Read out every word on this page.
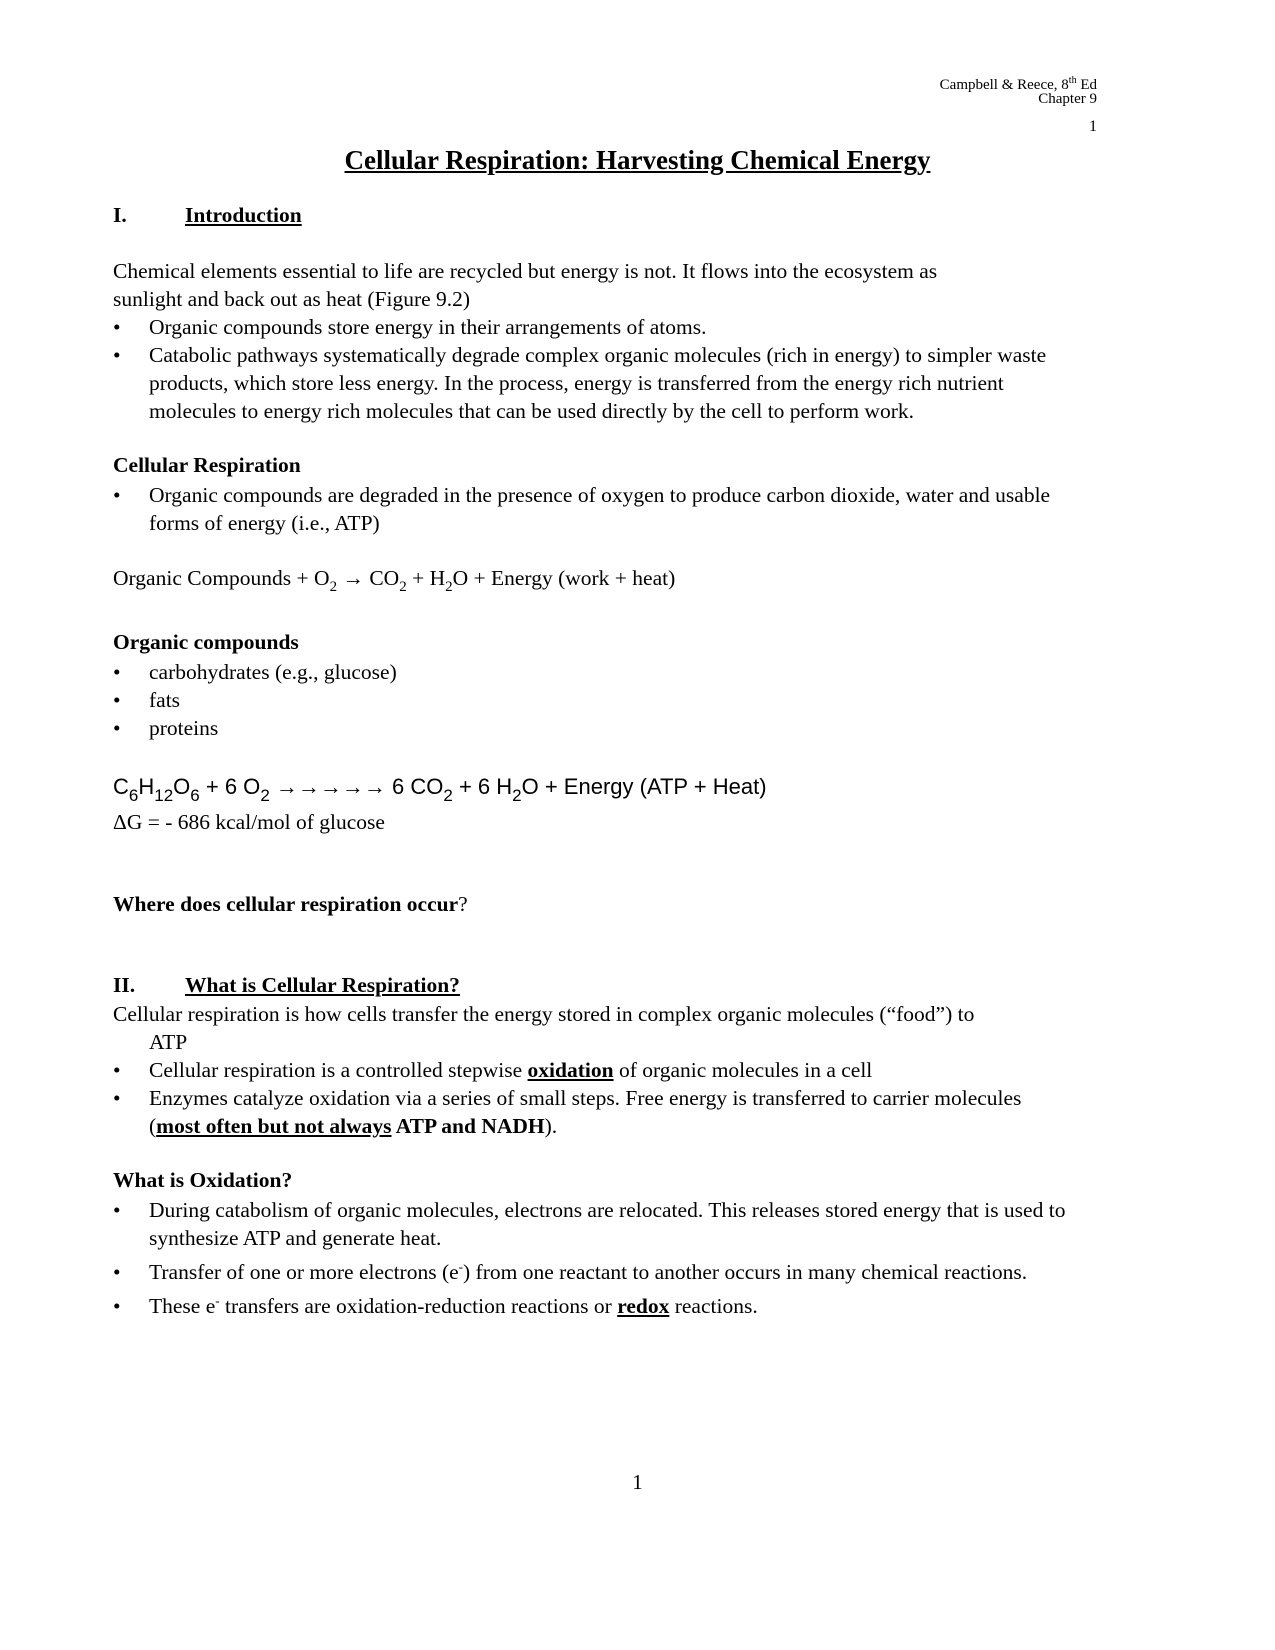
Campbell & Reece, 8th Ed
Chapter 9
1
Cellular Respiration: Harvesting Chemical Energy
I.	Introduction
Chemical elements essential to life are recycled but energy is not. It flows into the ecosystem as
sunlight and back out as heat (Figure 9.2)
• Organic compounds store energy in their arrangements of atoms.
• Catabolic pathways systematically degrade complex organic molecules (rich in energy) to simpler waste products, which store less energy. In the process, energy is transferred from the energy rich nutrient molecules to energy rich molecules that can be used directly by the cell to perform work.
Cellular Respiration
• Organic compounds are degraded in the presence of oxygen to produce carbon dioxide, water and usable forms of energy (i.e., ATP)
Organic Compounds + $O_2 \to CO_2 + H_2O$ + Energy (work + heat)
Organic compounds
• carbohydrates (e.g., glucose)
• fats
• proteins
$C_6H_{12}O_6 + 6$ $O_2$ →→→→→ 6 $CO_2 + 6$ $H_2O$ + Energy (ATP + Heat)
ΔG = - 686 kcal/mol of glucose
Where does cellular respiration occur?
II. What is Cellular Respiration?
Cellular respiration is how cells transfer the energy stored in complex organic molecules (“food”) to
ATP
• Cellular respiration is a controlled stepwise oxidation of organic molecules in a cell
• Enzymes catalyze oxidation via a series of small steps. Free energy is transferred to carrier molecules (most often but not always ATP and NADH).
What is Oxidation?
• During catabolism of organic molecules, electrons are relocated. This releases stored energy that is used to synthesize ATP and generate heat.
• Transfer of one or more electrons (e-) from one reactant to another occurs in many chemical reactions.
• These e- transfers are oxidation-reduction reactions or redox reactions.
1
